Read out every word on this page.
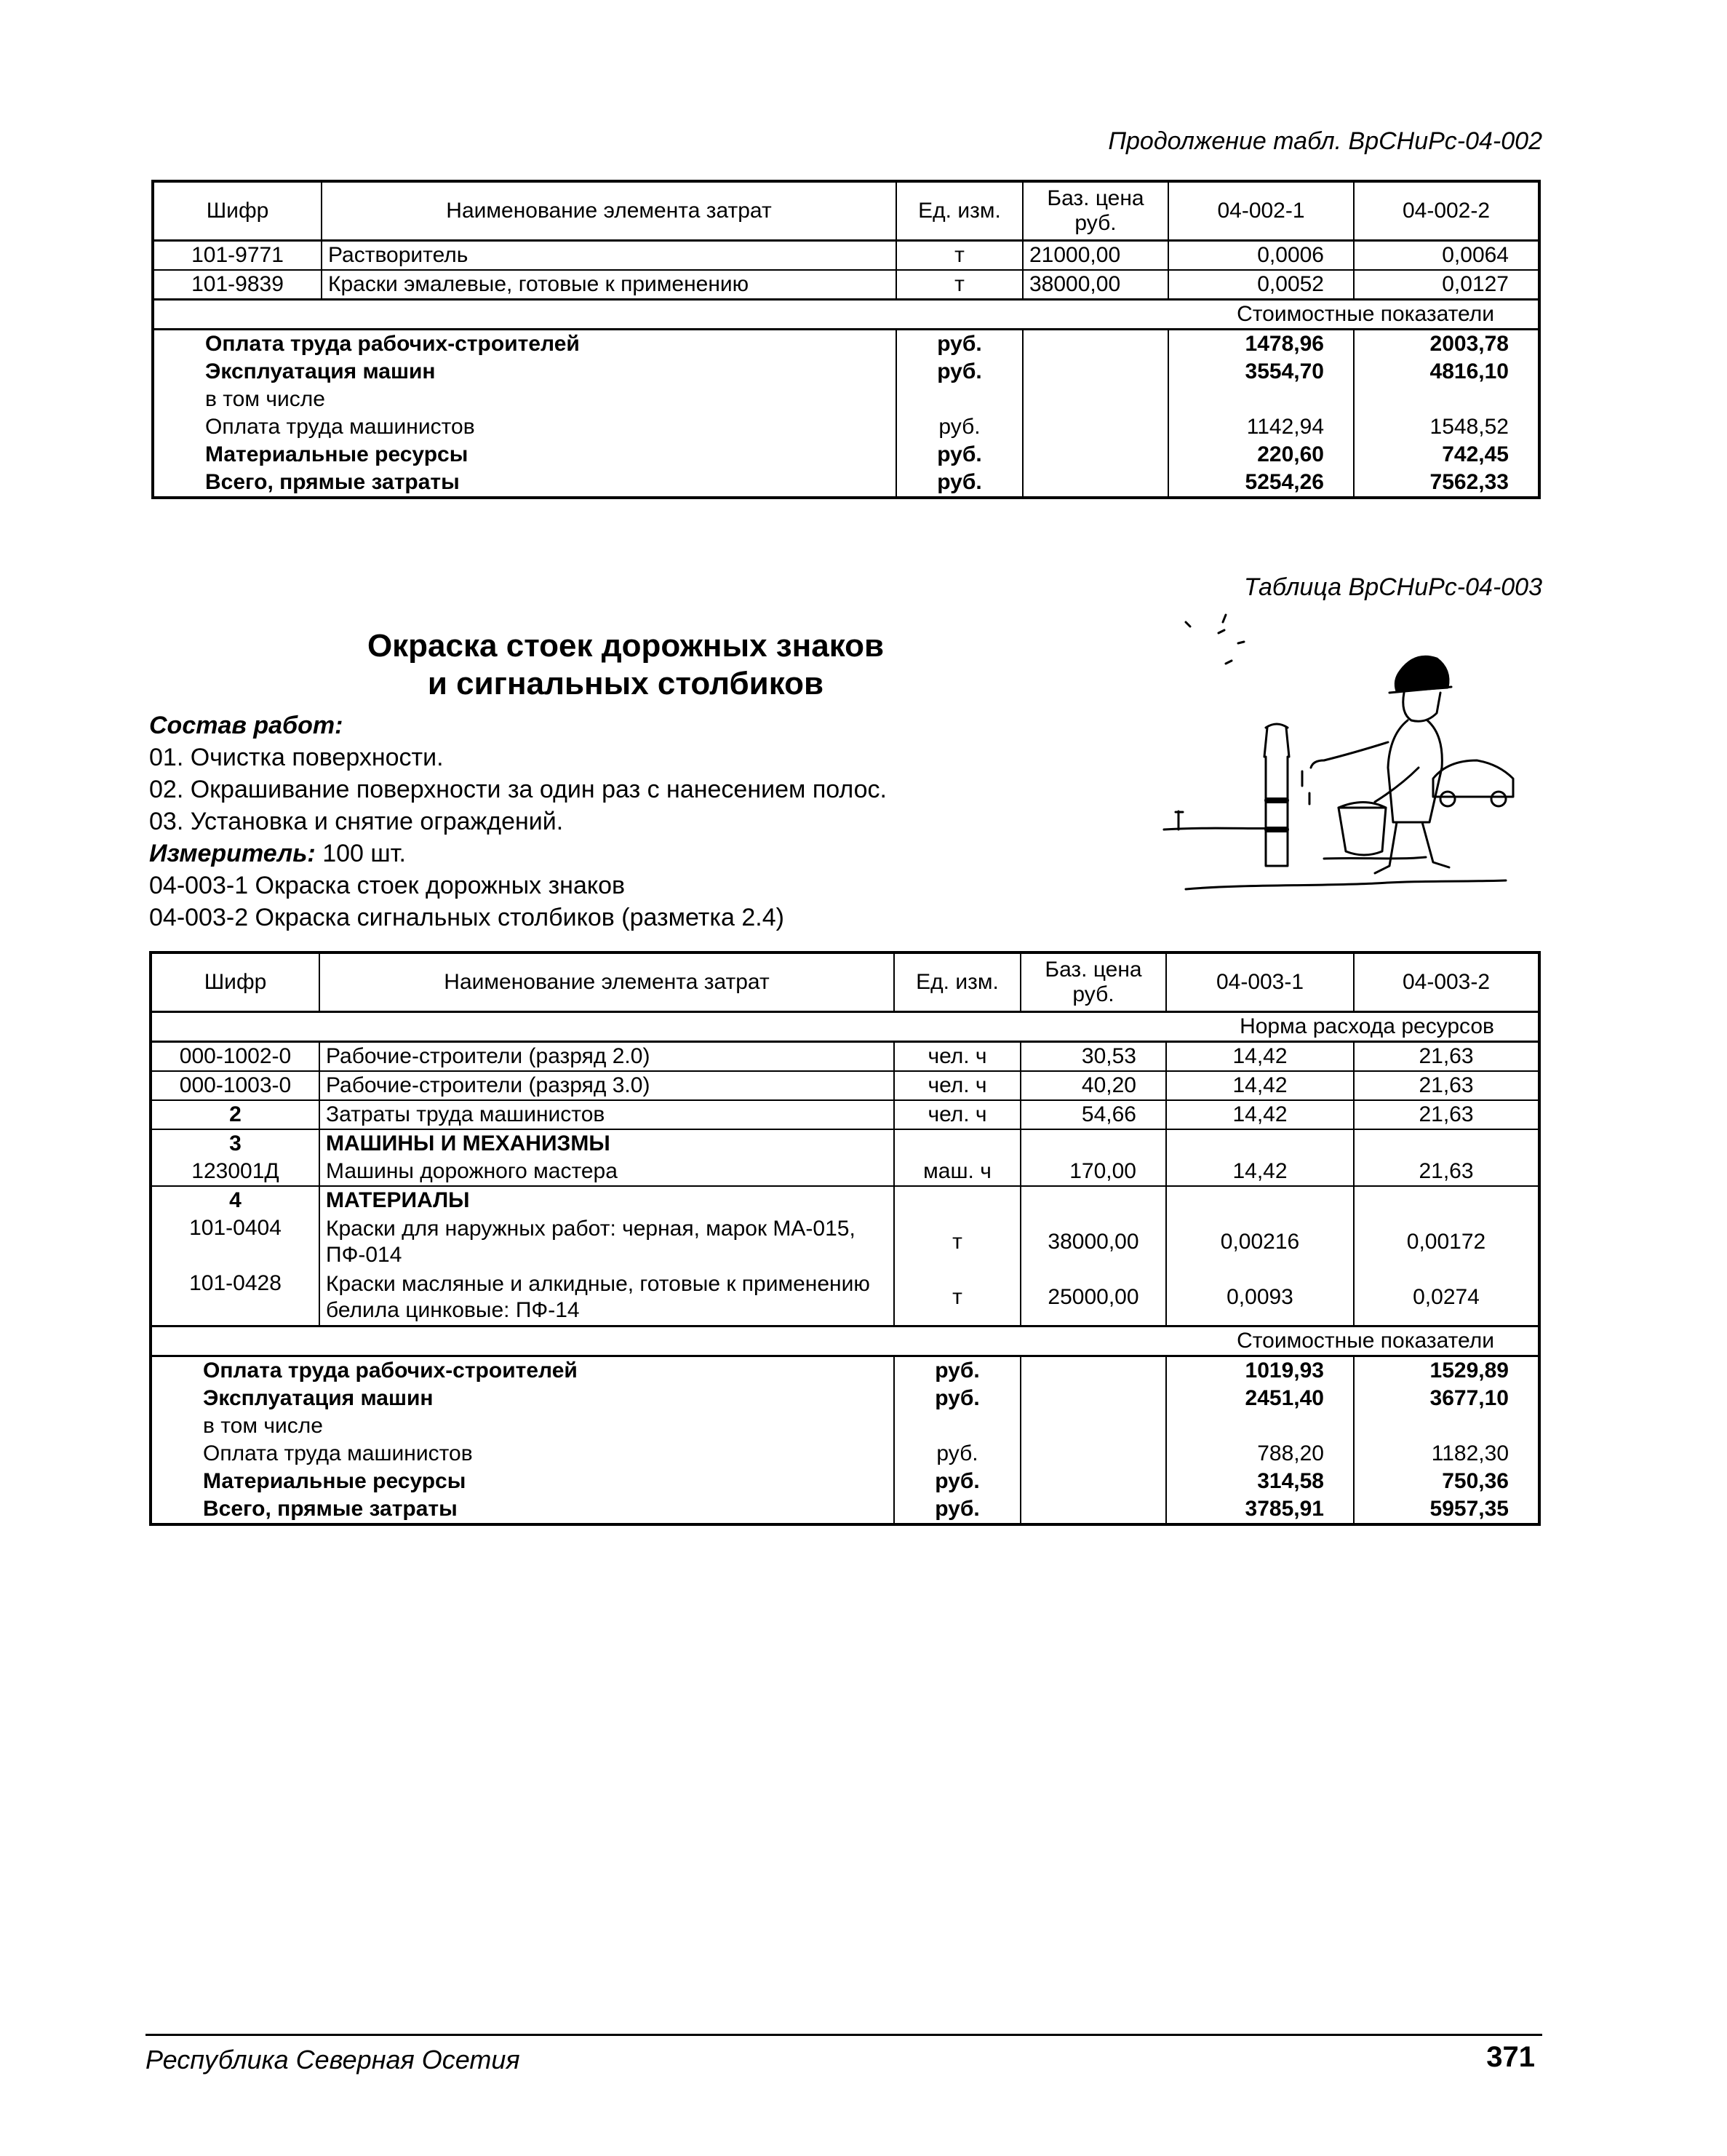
Продолжение табл. ВрСНиРс-04-002
Шифр	Наименование элемента затрат	Ед. изм.	Баз. цена руб.	04-002-1	04-002-2
101-9771	Растворитель	т	21000,00	0,0006	0,0064
101-9839	Краски эмалевые, готовые к применению	т	38000,00	0,0052	0,0127
Стоимостные показатели					
Оплата труда рабочих-строителей		руб.		1478,96	2003,78
Эксплуатация машин		руб.		3554,70	4816,10
в том числе					
Оплата труда машинистов		руб.		1142,94	1548,52
Материальные ресурсы		руб.		220,60	742,45
Всего, прямые затраты		руб.		5254,26	7562,33
Таблица ВрСНиРс-04-003
Окраска стоек дорожных знаков
и сигнальных столбиков
Состав работ:
01. Очистка поверхности.
02. Окрашивание поверхности за один раз с нанесением полос.
03. Установка и снятие ограждений.
Измеритель: 100 шт.
04-003-1 Окраска стоек дорожных знаков
04-003-2 Окраска сигнальных столбиков (разметка 2.4)
Шифр	Наименование элемента затрат	Ед. изм.	Баз. цена руб.	04-003-1	04-003-2
Норма расхода ресурсов					
000-1002-0	Рабочие-строители (разряд 2.0)	чел. ч	30,53	14,42	21,63
000-1003-0	Рабочие-строители (разряд 3.0)	чел. ч	40,20	14,42	21,63
2	Затраты труда машинистов	чел. ч	54,66	14,42	21,63
3	МАШИНЫ И МЕХАНИЗМЫ				
123001Д	Машины дорожного мастера	маш. ч	170,00	14,42	21,63
4	МАТЕРИАЛЫ				
101-0404	Краски для наружных работ: черная, марок МА-015, ПФ-014	т	38000,00	0,00216	0,00172
101-0428	Краски масляные и алкидные, готовые к применению белила цинковые: ПФ-14	т	25000,00	0,0093	0,0274
Стоимостные показатели					
Оплата труда рабочих-строителей		руб.		1019,93	1529,89
Эксплуатация машин		руб.		2451,40	3677,10
в том числе					
Оплата труда машинистов		руб.		788,20	1182,30
Материальные ресурсы		руб.		314,58	750,36
Всего, прямые затраты		руб.		3785,91	5957,35
Республика Северная Осетия	371
